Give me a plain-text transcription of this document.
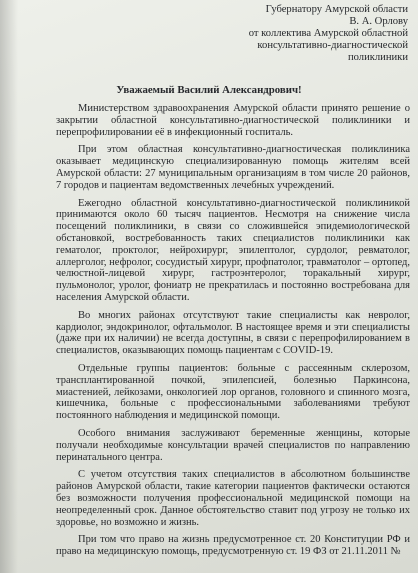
Губернатору Амурской области
В. А. Орлову
от коллектива Амурской областной
консультативно-диагностической поликлиники
Уважаемый Василий Александрович!

Министерством здравоохранения Амурской области принято решение о закрытии областной консультативно-диагностической поликлиники и перепрофилировании её в инфекционный госпиталь.

При этом областная консультативно-диагностическая поликлиника оказывает медицинскую специализированную помощь жителям всей Амурской области: 27 муниципальным организациям в том числе 20 районов, 7 городов и пациентам ведомственных лечебных учреждений.

Ежегодно областной консультативно-диагностической поликлиникой принимаются около 60 тысяч пациентов. Несмотря на снижение числа посещений поликлиники, в связи со сложившейся эпидемиологической обстановкой, востребованность таких специалистов поликлиники как гематолог, проктолог, нейрохирург, эпилептолог, сурдолог, ревматолог, аллерголог, нефролог, сосудистый хирург, профпатолог, травматолог – ортопед, челюстной-лицевой хирург, гастроэнтеролог, торакальный хирург, пульмонолог, уролог, фониатр не прекратилась и постоянно востребована для населения Амурской области.

Во многих районах отсутствуют такие специалисты как невролог, кардиолог, эндокринолог, офтальмолог. В настоящее время и эти специалисты (даже при их наличии) не всегда доступны, в связи с перепрофилированием в специалистов, оказывающих помощь пациентам с COVID-19.

Отдельные группы пациентов: больные с рассеянным склерозом, трансплантированной почкой, эпилепсией, болезнью Паркинсона, миастенией, лейкозами, онкологией лор органов, головного и спинного мозга, кишечника, больные с профессиональными заболеваниями требуют постоянного наблюдения и медицинской помощи.

Особого внимания заслуживают беременные женщины, которые получали необходимые консультации врачей специалистов по направлению перинатального центра.

С учетом отсутствия таких специалистов в абсолютном большинстве районов Амурской области, такие категории пациентов фактически остаются без возможности получения профессиональной медицинской помощи на неопределенный срок. Данное обстоятельство ставит под угрозу не только их здоровье, но возможно и жизнь.

При том что право на жизнь предусмотренное ст. 20 Конституции РФ и право на медицинскую помощь, предусмотренную ст. 19 ФЗ от 21.11.2011 №
